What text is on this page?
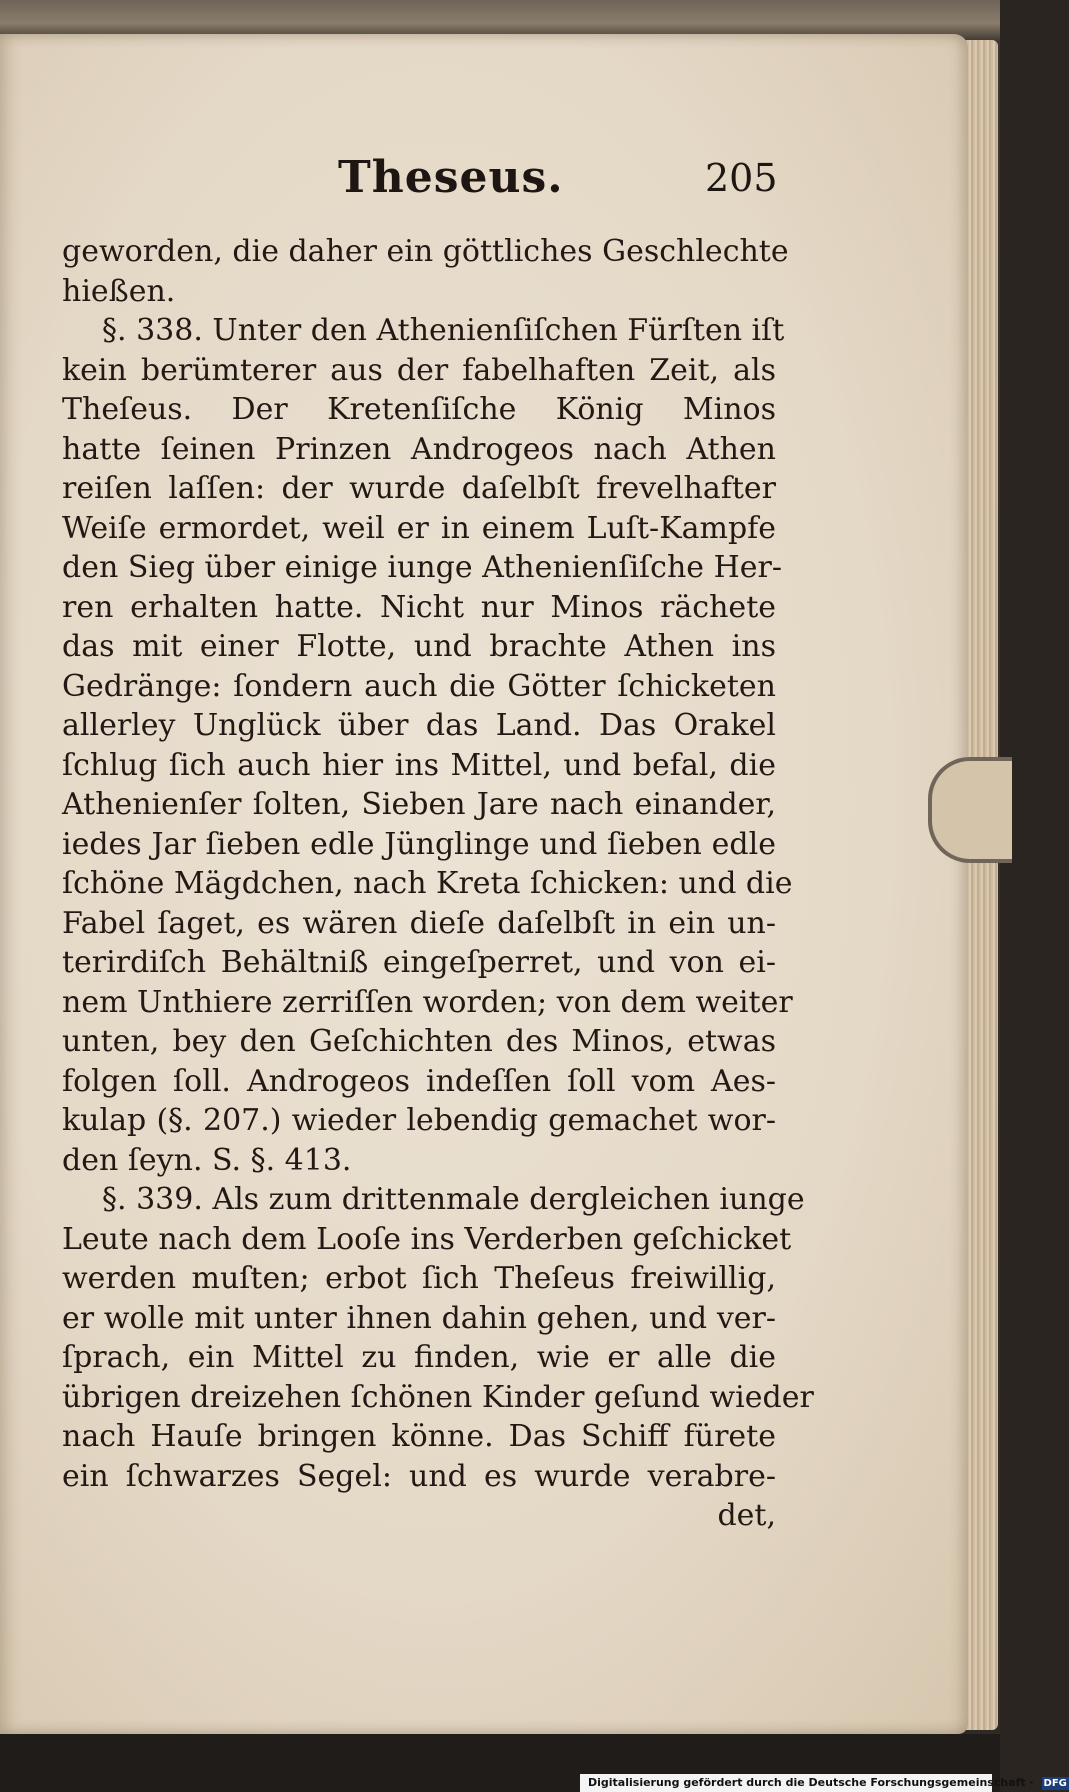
Theseus.	205
geworden, die daher ein göttliches Geschlechte
hießen.
§. 338. Unter den Athenienſiſchen Fürſten iſt
kein berümterer aus der fabelhaften Zeit, als
Theſeus. Der Kretenſiſche König Minos
hatte ſeinen Prinzen Androgeos nach Athen
reiſen laſſen: der wurde daſelbſt frevelhafter
Weiſe ermordet, weil er in einem Luſt-Kampfe
den Sieg über einige iunge Athenienſiſche Her-
ren erhalten hatte. Nicht nur Minos rächete
das mit einer Flotte, und brachte Athen ins
Gedränge: ſondern auch die Götter ſchicketen
allerley Unglück über das Land. Das Orakel
ſchlug ſich auch hier ins Mittel, und befal, die
Athenienſer ſolten, Sieben Jare nach einander,
iedes Jar ſieben edle Jünglinge und ſieben edle
ſchöne Mägdchen, nach Kreta ſchicken: und die
Fabel ſaget, es wären dieſe daſelbſt in ein un-
terirdiſch Behältniß eingeſperret, und von ei-
nem Unthiere zerriſſen worden; von dem weiter
unten, bey den Geſchichten des Minos, etwas
folgen ſoll. Androgeos indeſſen ſoll vom Aes-
kulap (§. 207.) wieder lebendig gemachet wor-
den ſeyn. S. §. 413.
§. 339. Als zum drittenmale dergleichen iunge
Leute nach dem Looſe ins Verderben geſchicket
werden muſten; erbot ſich Theſeus freiwillig,
er wolle mit unter ihnen dahin gehen, und ver-
ſprach, ein Mittel zu finden, wie er alle die
übrigen dreizehen ſchönen Kinder geſund wieder
nach Hauſe bringen könne. Das Schiff fürete
ein ſchwarzes Segel: und es wurde verabre-
det,
Digitalisierung gefördert durch die Deutsche Forschungsgemeinschaft · DFG
